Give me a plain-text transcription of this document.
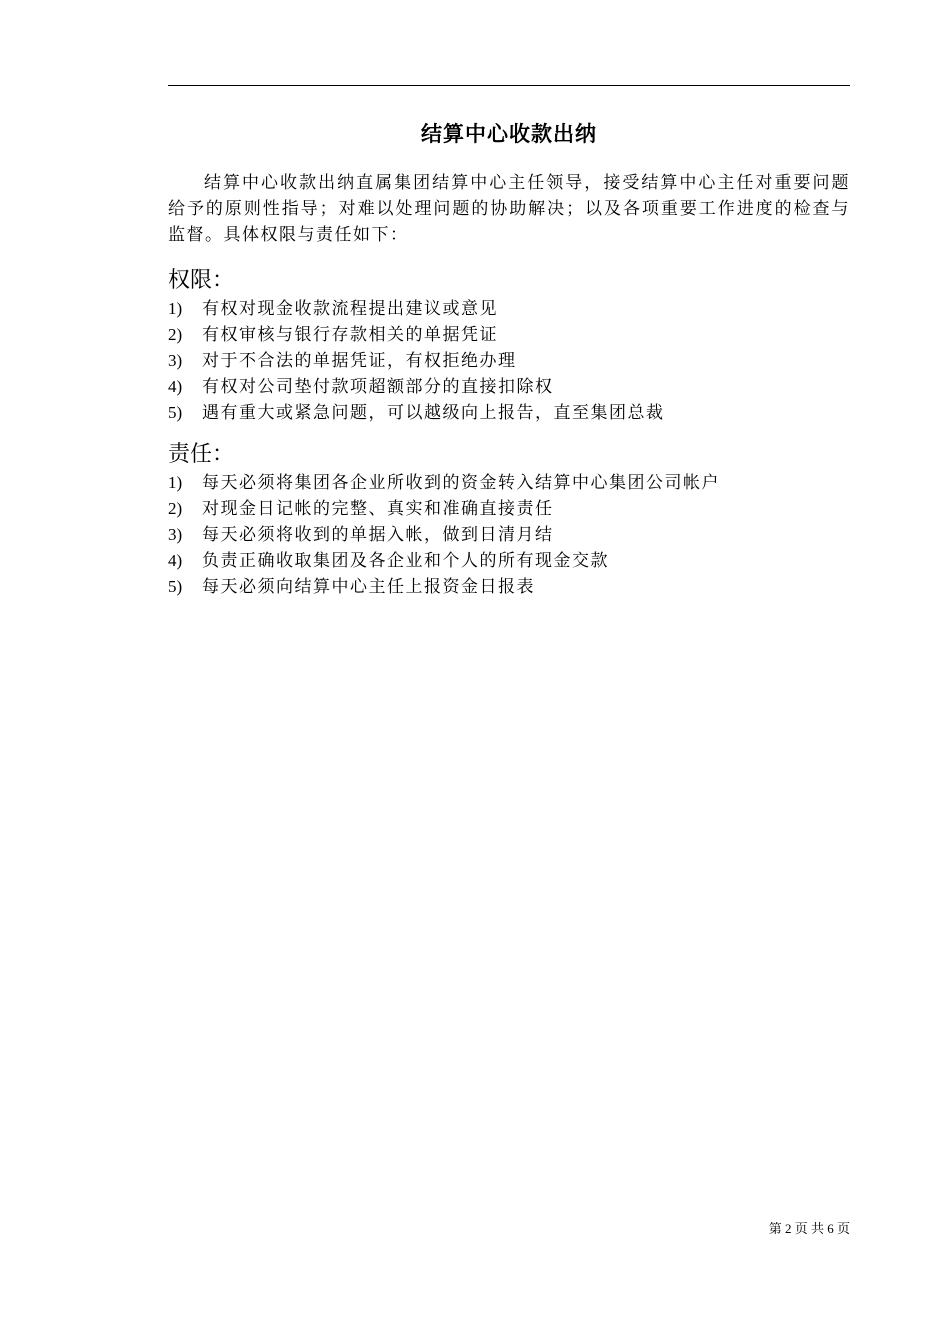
结算中心收款出纳

结算中心收款出纳直属集团结算中心主任领导，接受结算中心主任对重要问题给予的原则性指导；对难以处理问题的协助解决；以及各项重要工作进度的检查与监督。具体权限与责任如下：

权限：
1) 有权对现金收款流程提出建议或意见
2) 有权审核与银行存款相关的单据凭证
3) 对于不合法的单据凭证，有权拒绝办理
4) 有权对公司垫付款项超额部分的直接扣除权
5) 遇有重大或紧急问题，可以越级向上报告，直至集团总裁
责任：
1) 每天必须将集团各企业所收到的资金转入结算中心集团公司帐户
2) 对现金日记帐的完整、真实和准确直接责任
3) 每天必须将收到的单据入帐，做到日清月结
4) 负责正确收取集团及各企业和个人的所有现金交款
5) 每天必须向结算中心主任上报资金日报表
第 2 页 共 6 页
